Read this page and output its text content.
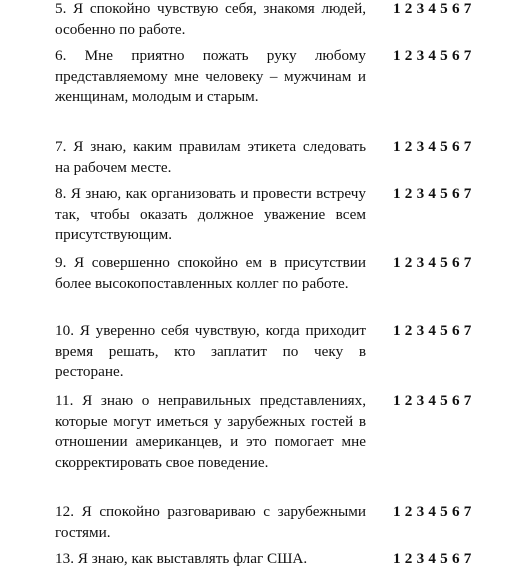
5. Я спокойно чувствую себя, знакомя людей, особенно по работе.
1 2 3 4 5 6 7
6. Мне приятно пожать руку любому представляемому мне человеку – мужчинам и женщинам, молодым и старым.
1 2 3 4 5 6 7
7. Я знаю, каким правилам этикета следовать на рабочем месте.
1 2 3 4 5 6 7
8. Я знаю, как организовать и провести встречу так, чтобы оказать должное уважение всем присутствующим.
1 2 3 4 5 6 7
9. Я совершенно спокойно ем в присутствии более высокопоставленных коллег по работе.
1 2 3 4 5 6 7
10. Я уверенно себя чувствую, когда приходит время решать, кто заплатит по чеку в ресторане.
1 2 3 4 5 6 7
11. Я знаю о неправильных представлениях, которые могут иметься у зарубежных гостей в отношении американцев, и это помогает мне скорректировать свое поведение.
1 2 3 4 5 6 7
12. Я спокойно разговариваю с зарубежными гостями.
1 2 3 4 5 6 7
13. Я знаю, как выставлять флаг США.	1 2 3 4 5 6 7
